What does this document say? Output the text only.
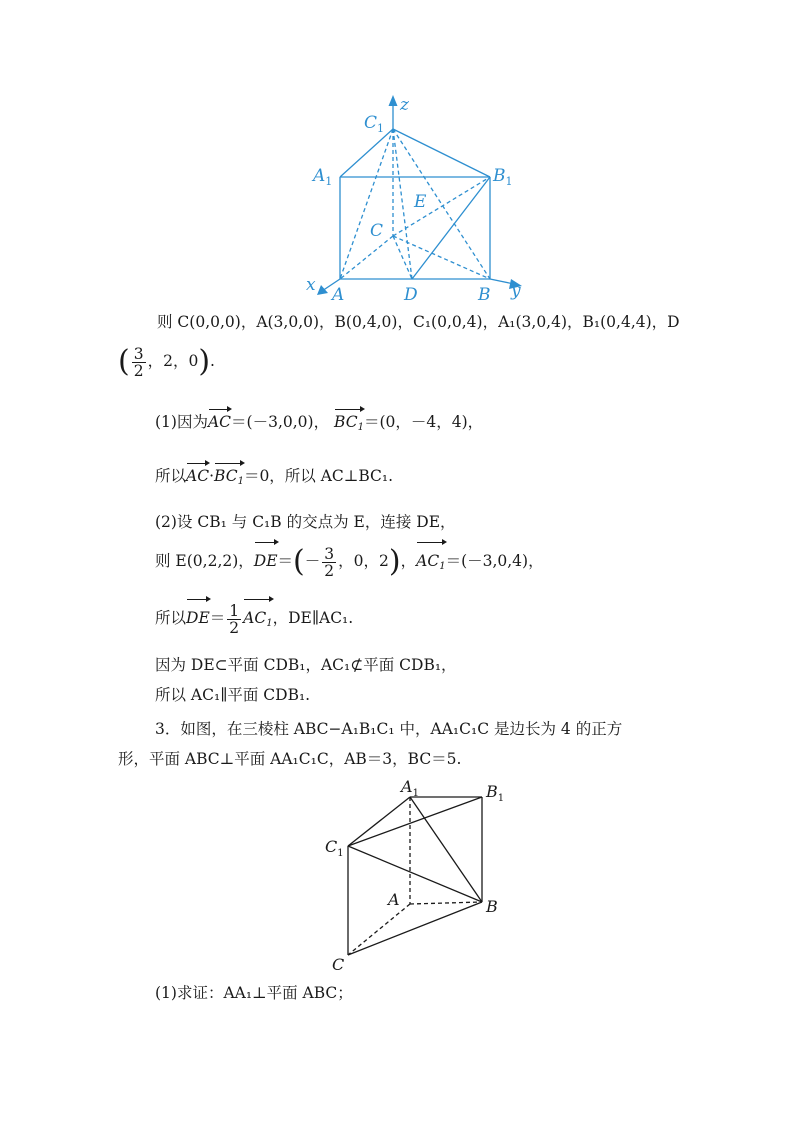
z
x	y
$C_1$
$A_1$	$B_1$
E
C
A	D	B
则 C(0,0,0)，A(3,0,0)，B(0,4,0)，C₁(0,0,4)，A₁(3,0,4)，B₁(0,4,4)，D
( $\frac{3}{2}$ ，2，0).
(1)因为AC＝(－3,0,0)， $BC_1=(0$，－4，4)，
所以$AC\cdot BC_1=0$，所以 AC⊥BC₁.
(2)设 CB₁ 与 C₁B 的交点为 E，连接 DE，
则 E(0,2,2)，$DE=(- \frac{3}{2}$ ，0，2)，$AC_1=(-3,0,4)$，
所以$DE= \frac{1}{2} AC_1$，DE∥AC₁.
因为 DE⊂平面 CDB₁，AC₁⊄平面 CDB₁，
所以 AC₁∥平面 CDB₁.
3．如图，在三棱柱 ABC−A₁B₁C₁ 中，AA₁C₁C 是边长为 4 的正方
形，平面 ABC⊥平面 AA₁C₁C，AB＝3，BC＝5.
$A_1$	$B_1$
$C_1$
A	B
C
(1)求证：AA₁⊥平面 ABC；
